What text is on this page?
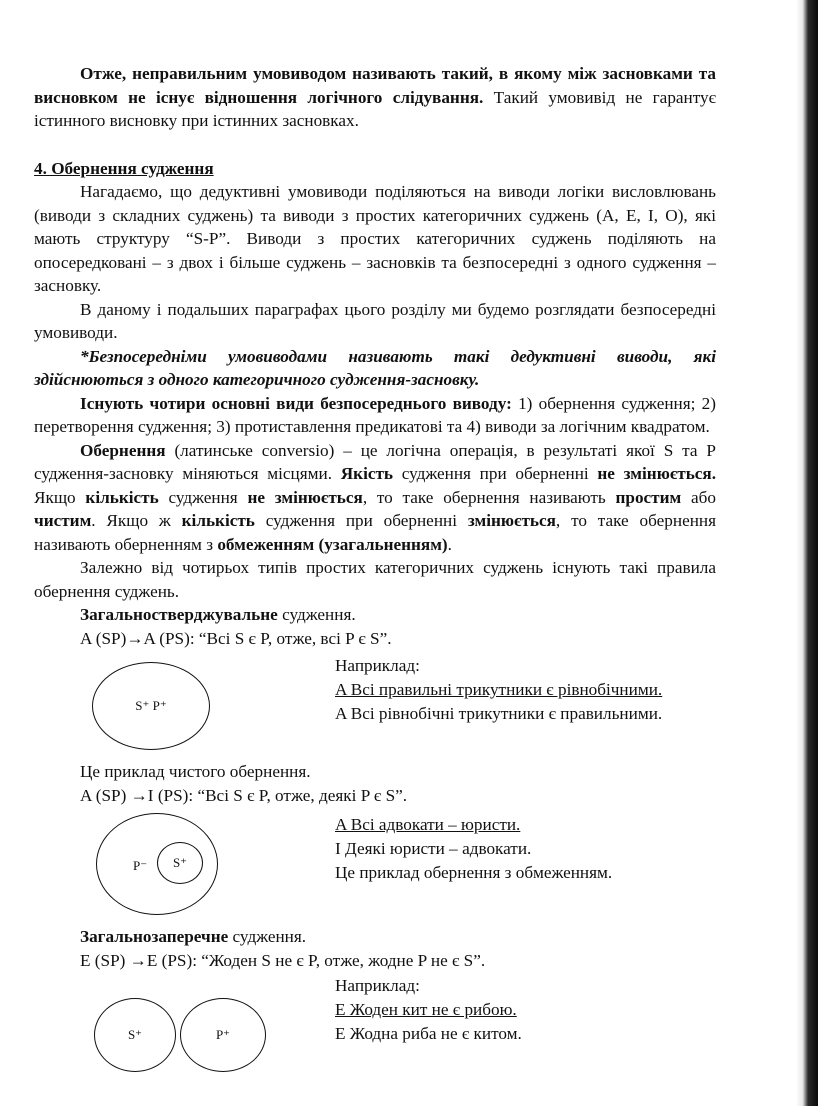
Отже, неправильним умовиводом називають такий, в якому між засновками та висновком не існує відношення логічного слідування. Такий умовивід не гарантує істинного висновку при істинних засновках.

4. Обернення судження

Нагадаємо, що дедуктивні умовиводи поділяються на виводи логіки висловлювань (виводи з складних суджень) та виводи з простих категоричних суджень (A, E, I, O), які мають структуру “S-P”. Виводи з простих категоричних суджень поділяють на опосередковані – з двох і більше суджень – засновків та безпосередні з одного судження – засновку.

В даному і подальших параграфах цього розділу ми будемо розглядати безпосередні умовиводи.

*Безпосередніми умовиводами називають такі дедуктивні виводи, які здійснюються з одного категоричного судження-засновку.

Існують чотири основні види безпосереднього виводу: 1) обернення судження; 2) перетворення судження; 3) протиставлення предикатові та 4) виводи за логічним квадратом.

Обернення (латинське conversio) – це логічна операція, в результаті якої S та P судження-засновку міняються місцями. Якість судження при оберненні не змінюється. Якщо кількість судження не змінюється, то таке обернення називають простим або чистим. Якщо ж кількість судження при оберненні змінюється, то таке обернення називають оберненням з обмеженням (узагальненням).

Залежно від чотирьох типів простих категоричних суджень існують такі правила обернення суджень.

Загальностверджувальне судження.

A (SP)→A (PS): “Всі S є P, отже, всі P є S”.

S⁺ P⁺
Наприклад:
A Всі правильні трикутники є рівнобічними.
A Всі рівнобічні трикутники є правильними.

Це приклад чистого обернення.

A (SP) →I (PS): “Всі S є P, отже, деякі P є S”.

P⁻ S⁺
A Всі адвокати – юристи.
I Деякі юристи – адвокати.
Це приклад обернення з обмеженням.

Загальнозаперечне судження.

E (SP) →E (PS): “Жоден S не є P, отже, жодне P не є S”.

S⁺	P⁺
Наприклад:
E Жоден кит не є рибою.
E Жодна риба не є китом.
